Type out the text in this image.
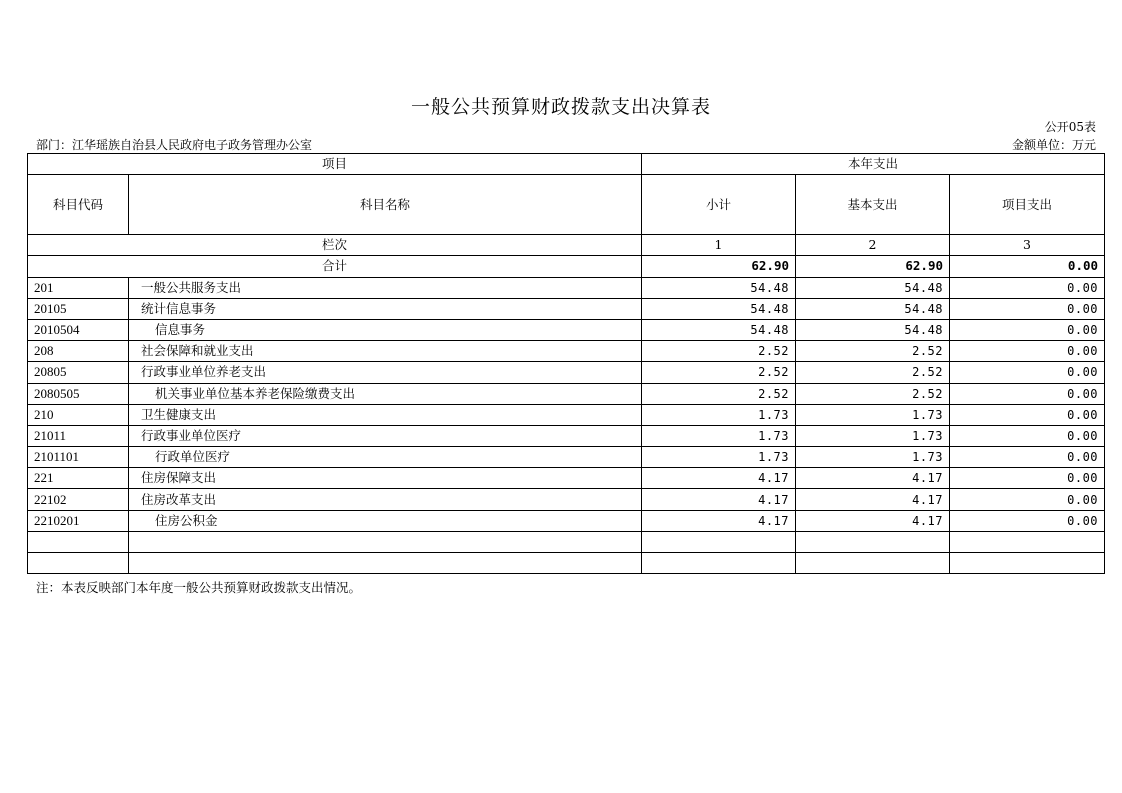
一般公共预算财政拨款支出决算表
公开05表
部门：江华瑶族自治县人民政府电子政务管理办公室	金额单位：万元
项目		本年支出		
科目代码	科目名称	小计	基本支出	项目支出
栏次		1	2	3
合计		62.90	62.90	0.00
201	一般公共服务支出	54.48	54.48	0.00
20105	统计信息事务	54.48	54.48	0.00
2010504	信息事务	54.48	54.48	0.00
208	社会保障和就业支出	2.52	2.52	0.00
20805	行政事业单位养老支出	2.52	2.52	0.00
2080505	机关事业单位基本养老保险缴费支出	2.52	2.52	0.00
210	卫生健康支出	1.73	1.73	0.00
21011	行政事业单位医疗	1.73	1.73	0.00
2101101	行政单位医疗	1.73	1.73	0.00
221	住房保障支出	4.17	4.17	0.00
22102	住房改革支出	4.17	4.17	0.00
2210201	住房公积金	4.17	4.17	0.00

注：本表反映部门本年度一般公共预算财政拨款支出情况。
